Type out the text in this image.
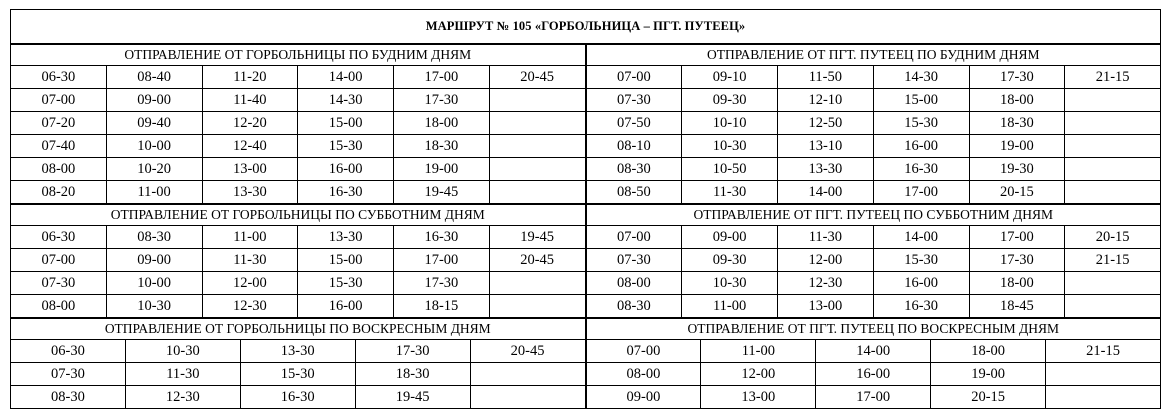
МАРШРУТ № 105 «ГОРБОЛЬНИЦА – ПГТ. ПУТЕЕЦ»
ОТПРАВЛЕНИЕ ОТ ГОРБОЛЬНИЦЫ ПО БУДНИМ ДНЯМ					
06-30	08-40	11-20	14-00	17-00	20-45
07-00	09-00	11-40	14-30	17-30	
07-20	09-40	12-20	15-00	18-00	
07-40	10-00	12-40	15-30	18-30	
08-00	10-20	13-00	16-00	19-00	
08-20	11-00	13-30	16-30	19-45	
ОТПРАВЛЕНИЕ ОТ ПГТ. ПУТЕЕЦ ПО БУДНИМ ДНЯМ					
07-00	09-10	11-50	14-30	17-30	21-15
07-30	09-30	12-10	15-00	18-00	
07-50	10-10	12-50	15-30	18-30	
08-10	10-30	13-10	16-00	19-00	
08-30	10-50	13-30	16-30	19-30	
08-50	11-30	14-00	17-00	20-15	
ОТПРАВЛЕНИЕ ОТ ГОРБОЛЬНИЦЫ ПО СУББОТНИМ ДНЯМ					
06-30	08-30	11-00	13-30	16-30	19-45
07-00	09-00	11-30	15-00	17-00	20-45
07-30	10-00	12-00	15-30	17-30	
08-00	10-30	12-30	16-00	18-15	
ОТПРАВЛЕНИЕ ОТ ПГТ. ПУТЕЕЦ ПО СУББОТНИМ ДНЯМ					
07-00	09-00	11-30	14-00	17-00	20-15
07-30	09-30	12-00	15-30	17-30	21-15
08-00	10-30	12-30	16-00	18-00	
08-30	11-00	13-00	16-30	18-45	
ОТПРАВЛЕНИЕ ОТ ГОРБОЛЬНИЦЫ ПО ВОСКРЕСНЫМ ДНЯМ				
06-30	10-30	13-30	17-30	20-45
07-30	11-30	15-30	18-30	
08-30	12-30	16-30	19-45	
ОТПРАВЛЕНИЕ ОТ ПГТ. ПУТЕЕЦ ПО ВОСКРЕСНЫМ ДНЯМ				
07-00	11-00	14-00	18-00	21-15
08-00	12-00	16-00	19-00	
09-00	13-00	17-00	20-15	
